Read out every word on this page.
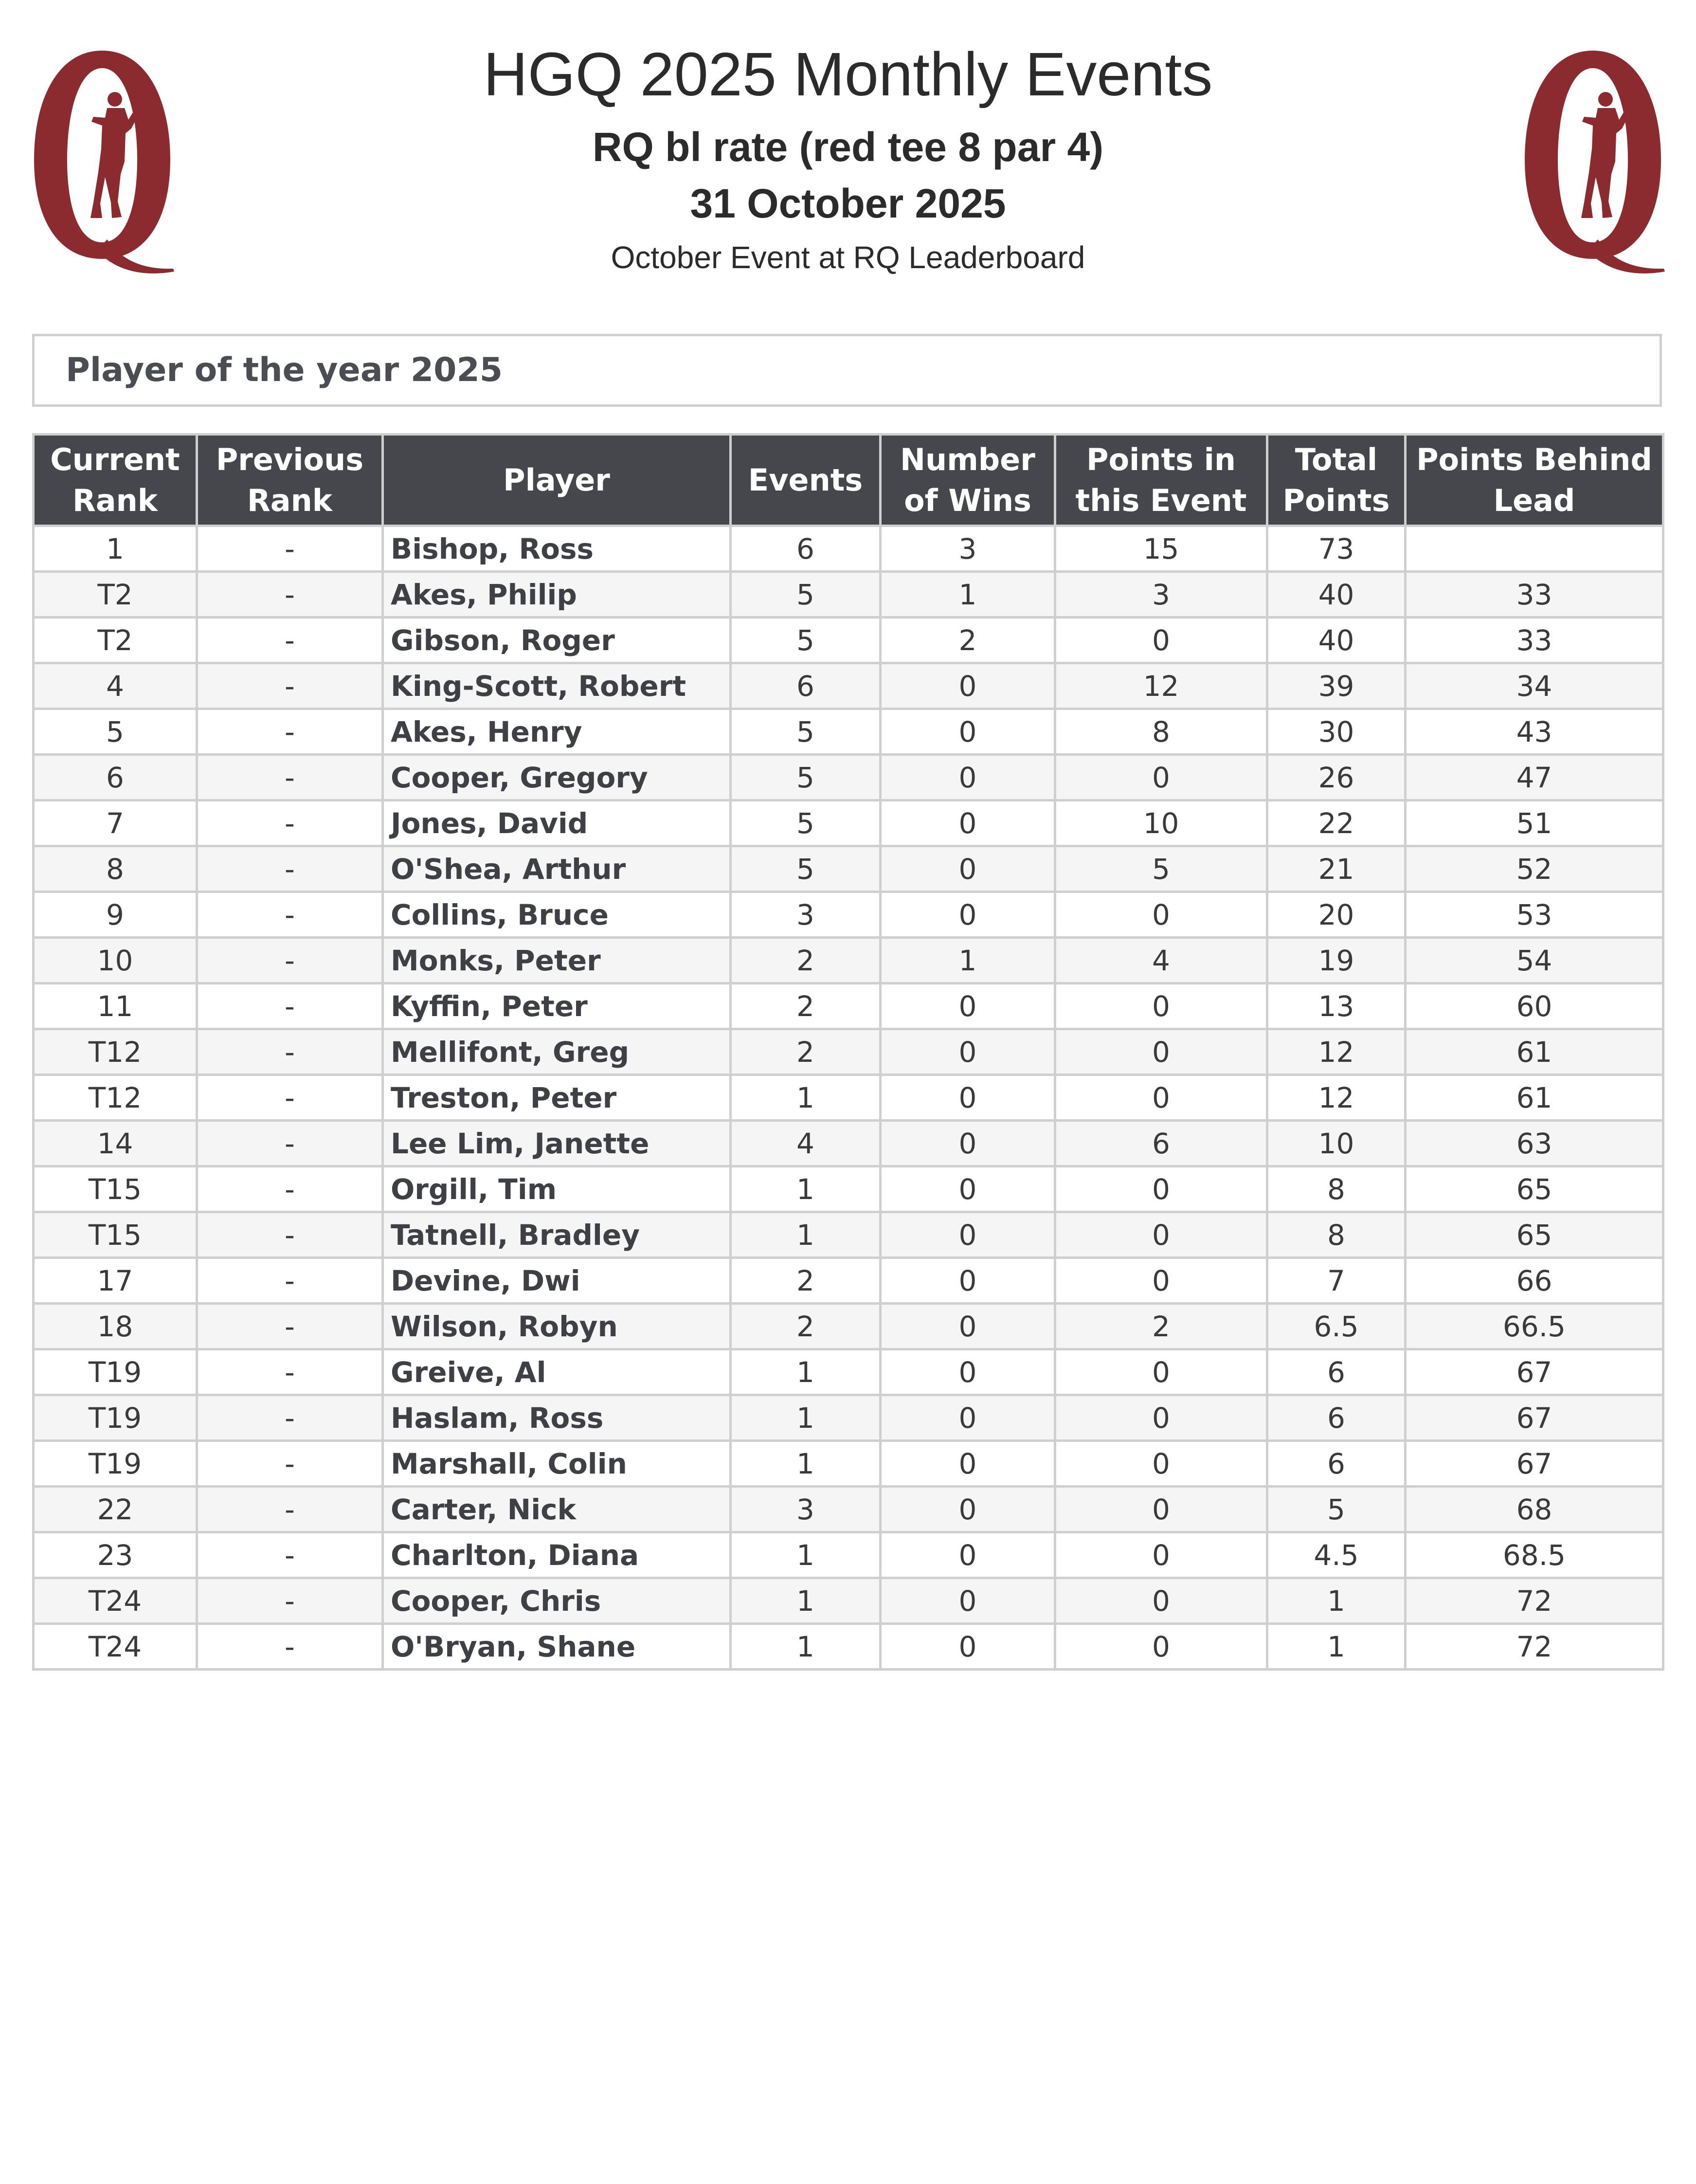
HGQ 2025 Monthly Events
RQ bl rate (red tee 8 par 4)
31 October 2025
October Event at RQ Leaderboard
Player of the year 2025
Current Rank	Previous Rank	Player	Events	Number of Wins	Points in this Event	Total Points	Points Behind Lead
1	-	Bishop, Ross	6	3	15	73	
T2	-	Akes, Philip	5	1	3	40	33
T2	-	Gibson, Roger	5	2	0	40	33
4	-	King-Scott, Robert	6	0	12	39	34
5	-	Akes, Henry	5	0	8	30	43
6	-	Cooper, Gregory	5	0	0	26	47
7	-	Jones, David	5	0	10	22	51
8	-	O'Shea, Arthur	5	0	5	21	52
9	-	Collins, Bruce	3	0	0	20	53
10	-	Monks, Peter	2	1	4	19	54
11	-	Kyffin, Peter	2	0	0	13	60
T12	-	Mellifont, Greg	2	0	0	12	61
T12	-	Treston, Peter	1	0	0	12	61
14	-	Lee Lim, Janette	4	0	6	10	63
T15	-	Orgill, Tim	1	0	0	8	65
T15	-	Tatnell, Bradley	1	0	0	8	65
17	-	Devine, Dwi	2	0	0	7	66
18	-	Wilson, Robyn	2	0	2	6.5	66.5
T19	-	Greive, Al	1	0	0	6	67
T19	-	Haslam, Ross	1	0	0	6	67
T19	-	Marshall, Colin	1	0	0	6	67
22	-	Carter, Nick	3	0	0	5	68
23	-	Charlton, Diana	1	0	0	4.5	68.5
T24	-	Cooper, Chris	1	0	0	1	72
T24	-	O'Bryan, Shane	1	0	0	1	72
